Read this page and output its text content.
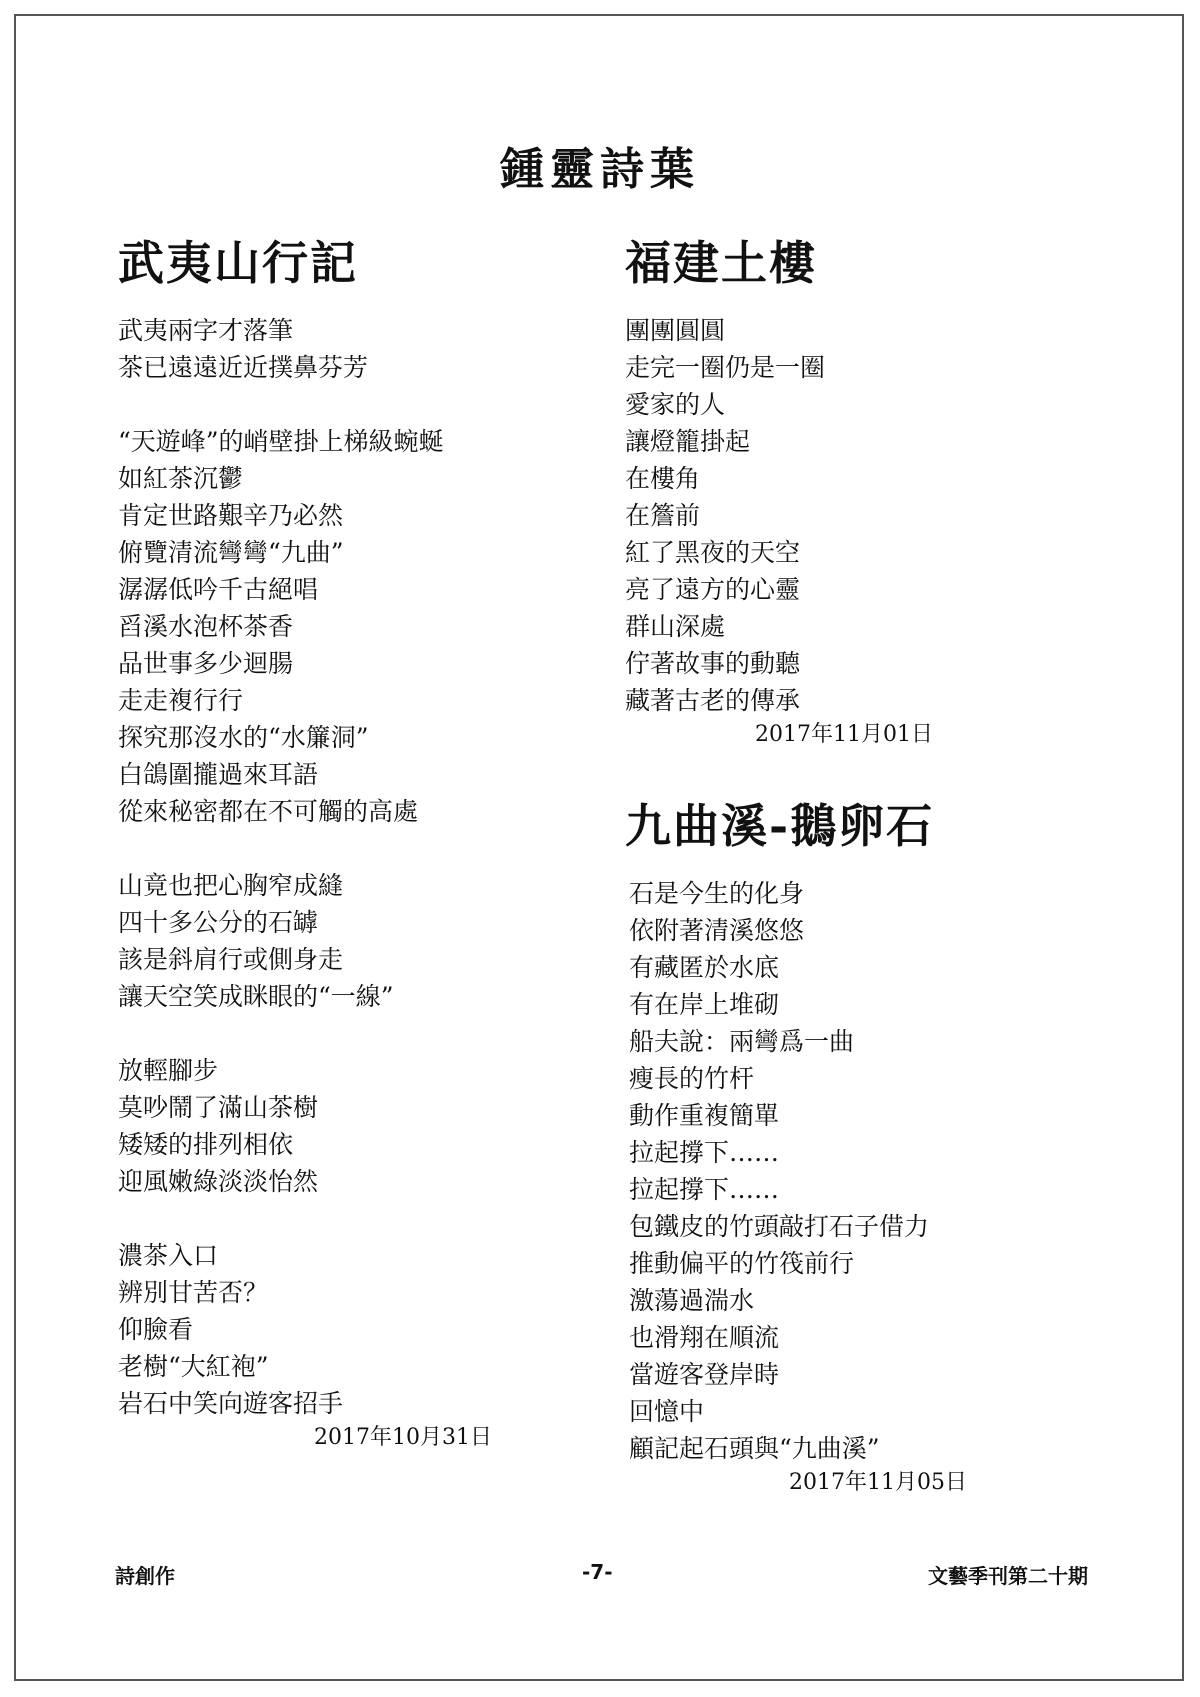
鍾靈詩葉
武夷山行記
武夷兩字才落筆
茶已遠遠近近撲鼻芬芳
“天遊峰”的峭壁掛上梯級蜿蜒
如紅茶沉鬱
肯定世路艱辛乃必然
俯覽清流彎彎“九曲”
潺潺低吟千古絕唱
舀溪水泡杯茶香
品世事多少迴腸
走走複行行
探究那沒水的“水簾洞”
白鴿圍攏過來耳語
從來秘密都在不可觸的高處
山竟也把心胸窄成縫
四十多公分的石罅
該是斜肩行或側身走
讓天空笑成眯眼的“一線”
放輕腳步
莫吵鬧了滿山茶樹
矮矮的排列相依
迎風嫩綠淡淡怡然
濃茶入口
辨別甘苦否？
仰臉看
老樹“大紅袍”
岩石中笑向遊客招手
2017年10月31日
福建土樓
團團圓圓
走完一圈仍是一圈
愛家的人
讓燈籠掛起
在樓角
在簷前
紅了黑夜的天空
亮了遠方的心靈
群山深處
佇著故事的動聽
藏著古老的傳承
2017年11月01日
九曲溪-鵝卵石
石是今生的化身
依附著清溪悠悠
有藏匿於水底
有在岸上堆砌
船夫說：兩彎爲一曲
瘦長的竹杆
動作重複簡單
拉起撐下……
拉起撐下……
包鐵皮的竹頭敲打石子借力
推動偏平的竹筏前行
激蕩過湍水
也滑翔在順流
當遊客登岸時
回憶中
顧記起石頭與“九曲溪”
2017年11月05日
詩創作	-7-	文藝季刊第二十期
